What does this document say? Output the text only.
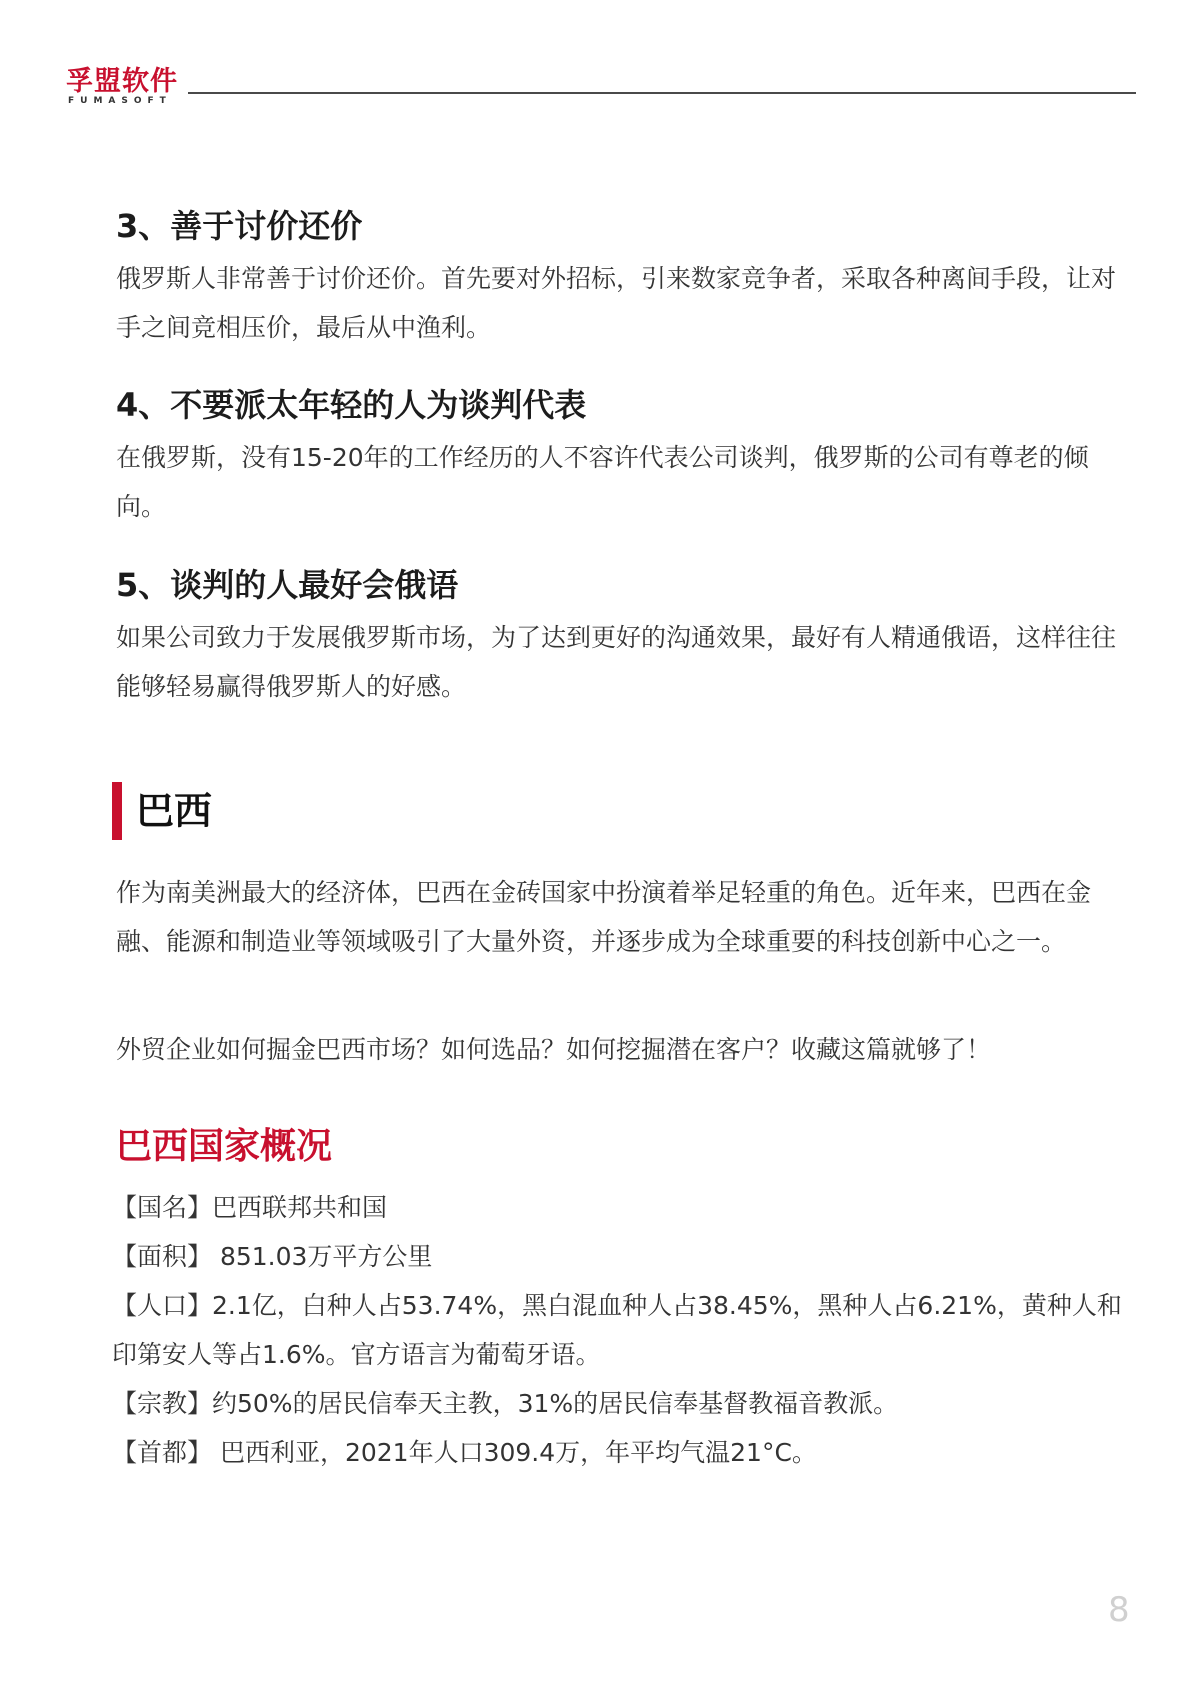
孚盟软件
FUMASOFT
3、善于讨价还价
俄罗斯人非常善于讨价还价。首先要对外招标，引来数家竞争者，采取各种离间手段，让对手之间竞相压价，最后从中渔利。
4、不要派太年轻的人为谈判代表
在俄罗斯，没有15-20年的工作经历的人不容许代表公司谈判，俄罗斯的公司有尊老的倾向。
5、谈判的人最好会俄语
如果公司致力于发展俄罗斯市场，为了达到更好的沟通效果，最好有人精通俄语，这样往往能够轻易赢得俄罗斯人的好感。
巴西
作为南美洲最大的经济体，巴西在金砖国家中扮演着举足轻重的角色。近年来，巴西在金融、能源和制造业等领域吸引了大量外资，并逐步成为全球重要的科技创新中心之一。
外贸企业如何掘金巴西市场？如何选品？如何挖掘潜在客户？收藏这篇就够了！
巴西国家概况
【国名】巴西联邦共和国
【面积】 851.03万平方公里
【人口】2.1亿，白种人占53.74%，黑白混血种人占38.45%，黑种人占6.21%，黄种人和印第安人等占1.6%。官方语言为葡萄牙语。
【宗教】约50%的居民信奉天主教，31%的居民信奉基督教福音教派。
【首都】 巴西利亚，2021年人口309.4万，年平均气温21°C。
8
